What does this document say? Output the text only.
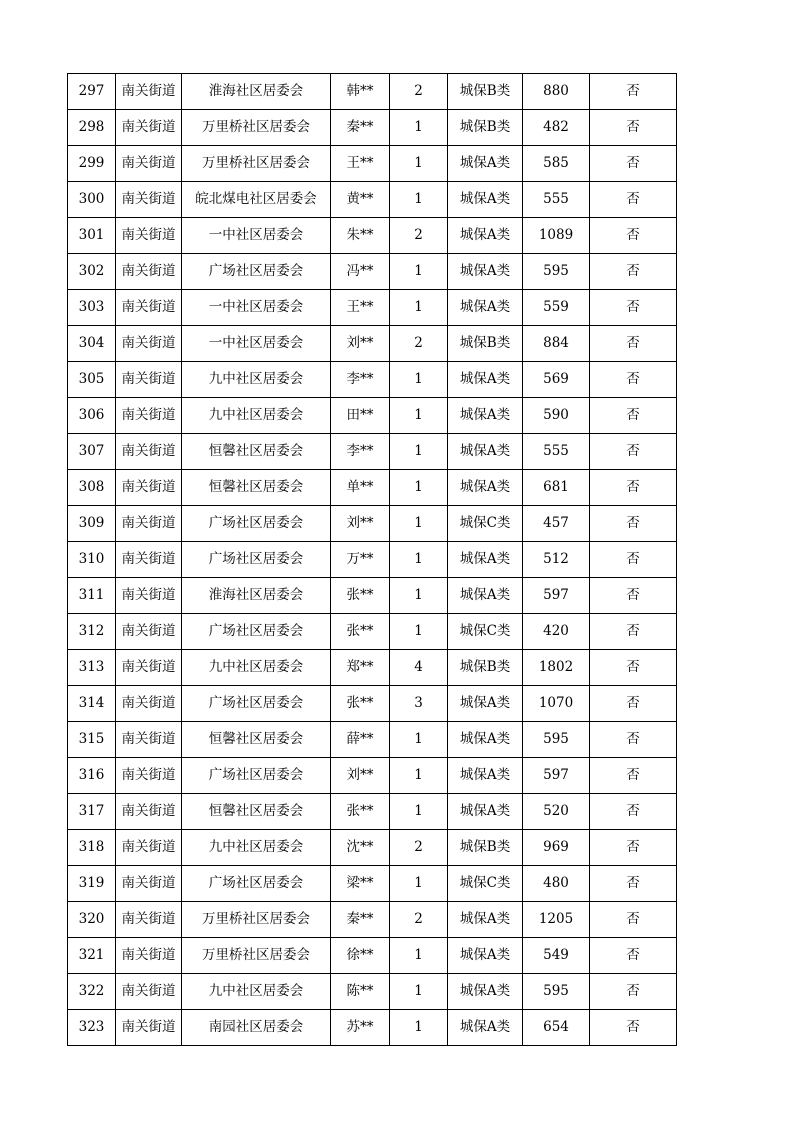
297	南关街道	淮海社区居委会	韩**	2	城保B类	880	否
298	南关街道	万里桥社区居委会	秦**	1	城保B类	482	否
299	南关街道	万里桥社区居委会	王**	1	城保A类	585	否
300	南关街道	皖北煤电社区居委会	黄**	1	城保A类	555	否
301	南关街道	一中社区居委会	朱**	2	城保A类	1089	否
302	南关街道	广场社区居委会	冯**	1	城保A类	595	否
303	南关街道	一中社区居委会	王**	1	城保A类	559	否
304	南关街道	一中社区居委会	刘**	2	城保B类	884	否
305	南关街道	九中社区居委会	李**	1	城保A类	569	否
306	南关街道	九中社区居委会	田**	1	城保A类	590	否
307	南关街道	恒馨社区居委会	李**	1	城保A类	555	否
308	南关街道	恒馨社区居委会	单**	1	城保A类	681	否
309	南关街道	广场社区居委会	刘**	1	城保C类	457	否
310	南关街道	广场社区居委会	万**	1	城保A类	512	否
311	南关街道	淮海社区居委会	张**	1	城保A类	597	否
312	南关街道	广场社区居委会	张**	1	城保C类	420	否
313	南关街道	九中社区居委会	郑**	4	城保B类	1802	否
314	南关街道	广场社区居委会	张**	3	城保A类	1070	否
315	南关街道	恒馨社区居委会	薛**	1	城保A类	595	否
316	南关街道	广场社区居委会	刘**	1	城保A类	597	否
317	南关街道	恒馨社区居委会	张**	1	城保A类	520	否
318	南关街道	九中社区居委会	沈**	2	城保B类	969	否
319	南关街道	广场社区居委会	梁**	1	城保C类	480	否
320	南关街道	万里桥社区居委会	秦**	2	城保A类	1205	否
321	南关街道	万里桥社区居委会	徐**	1	城保A类	549	否
322	南关街道	九中社区居委会	陈**	1	城保A类	595	否
323	南关街道	南园社区居委会	苏**	1	城保A类	654	否
